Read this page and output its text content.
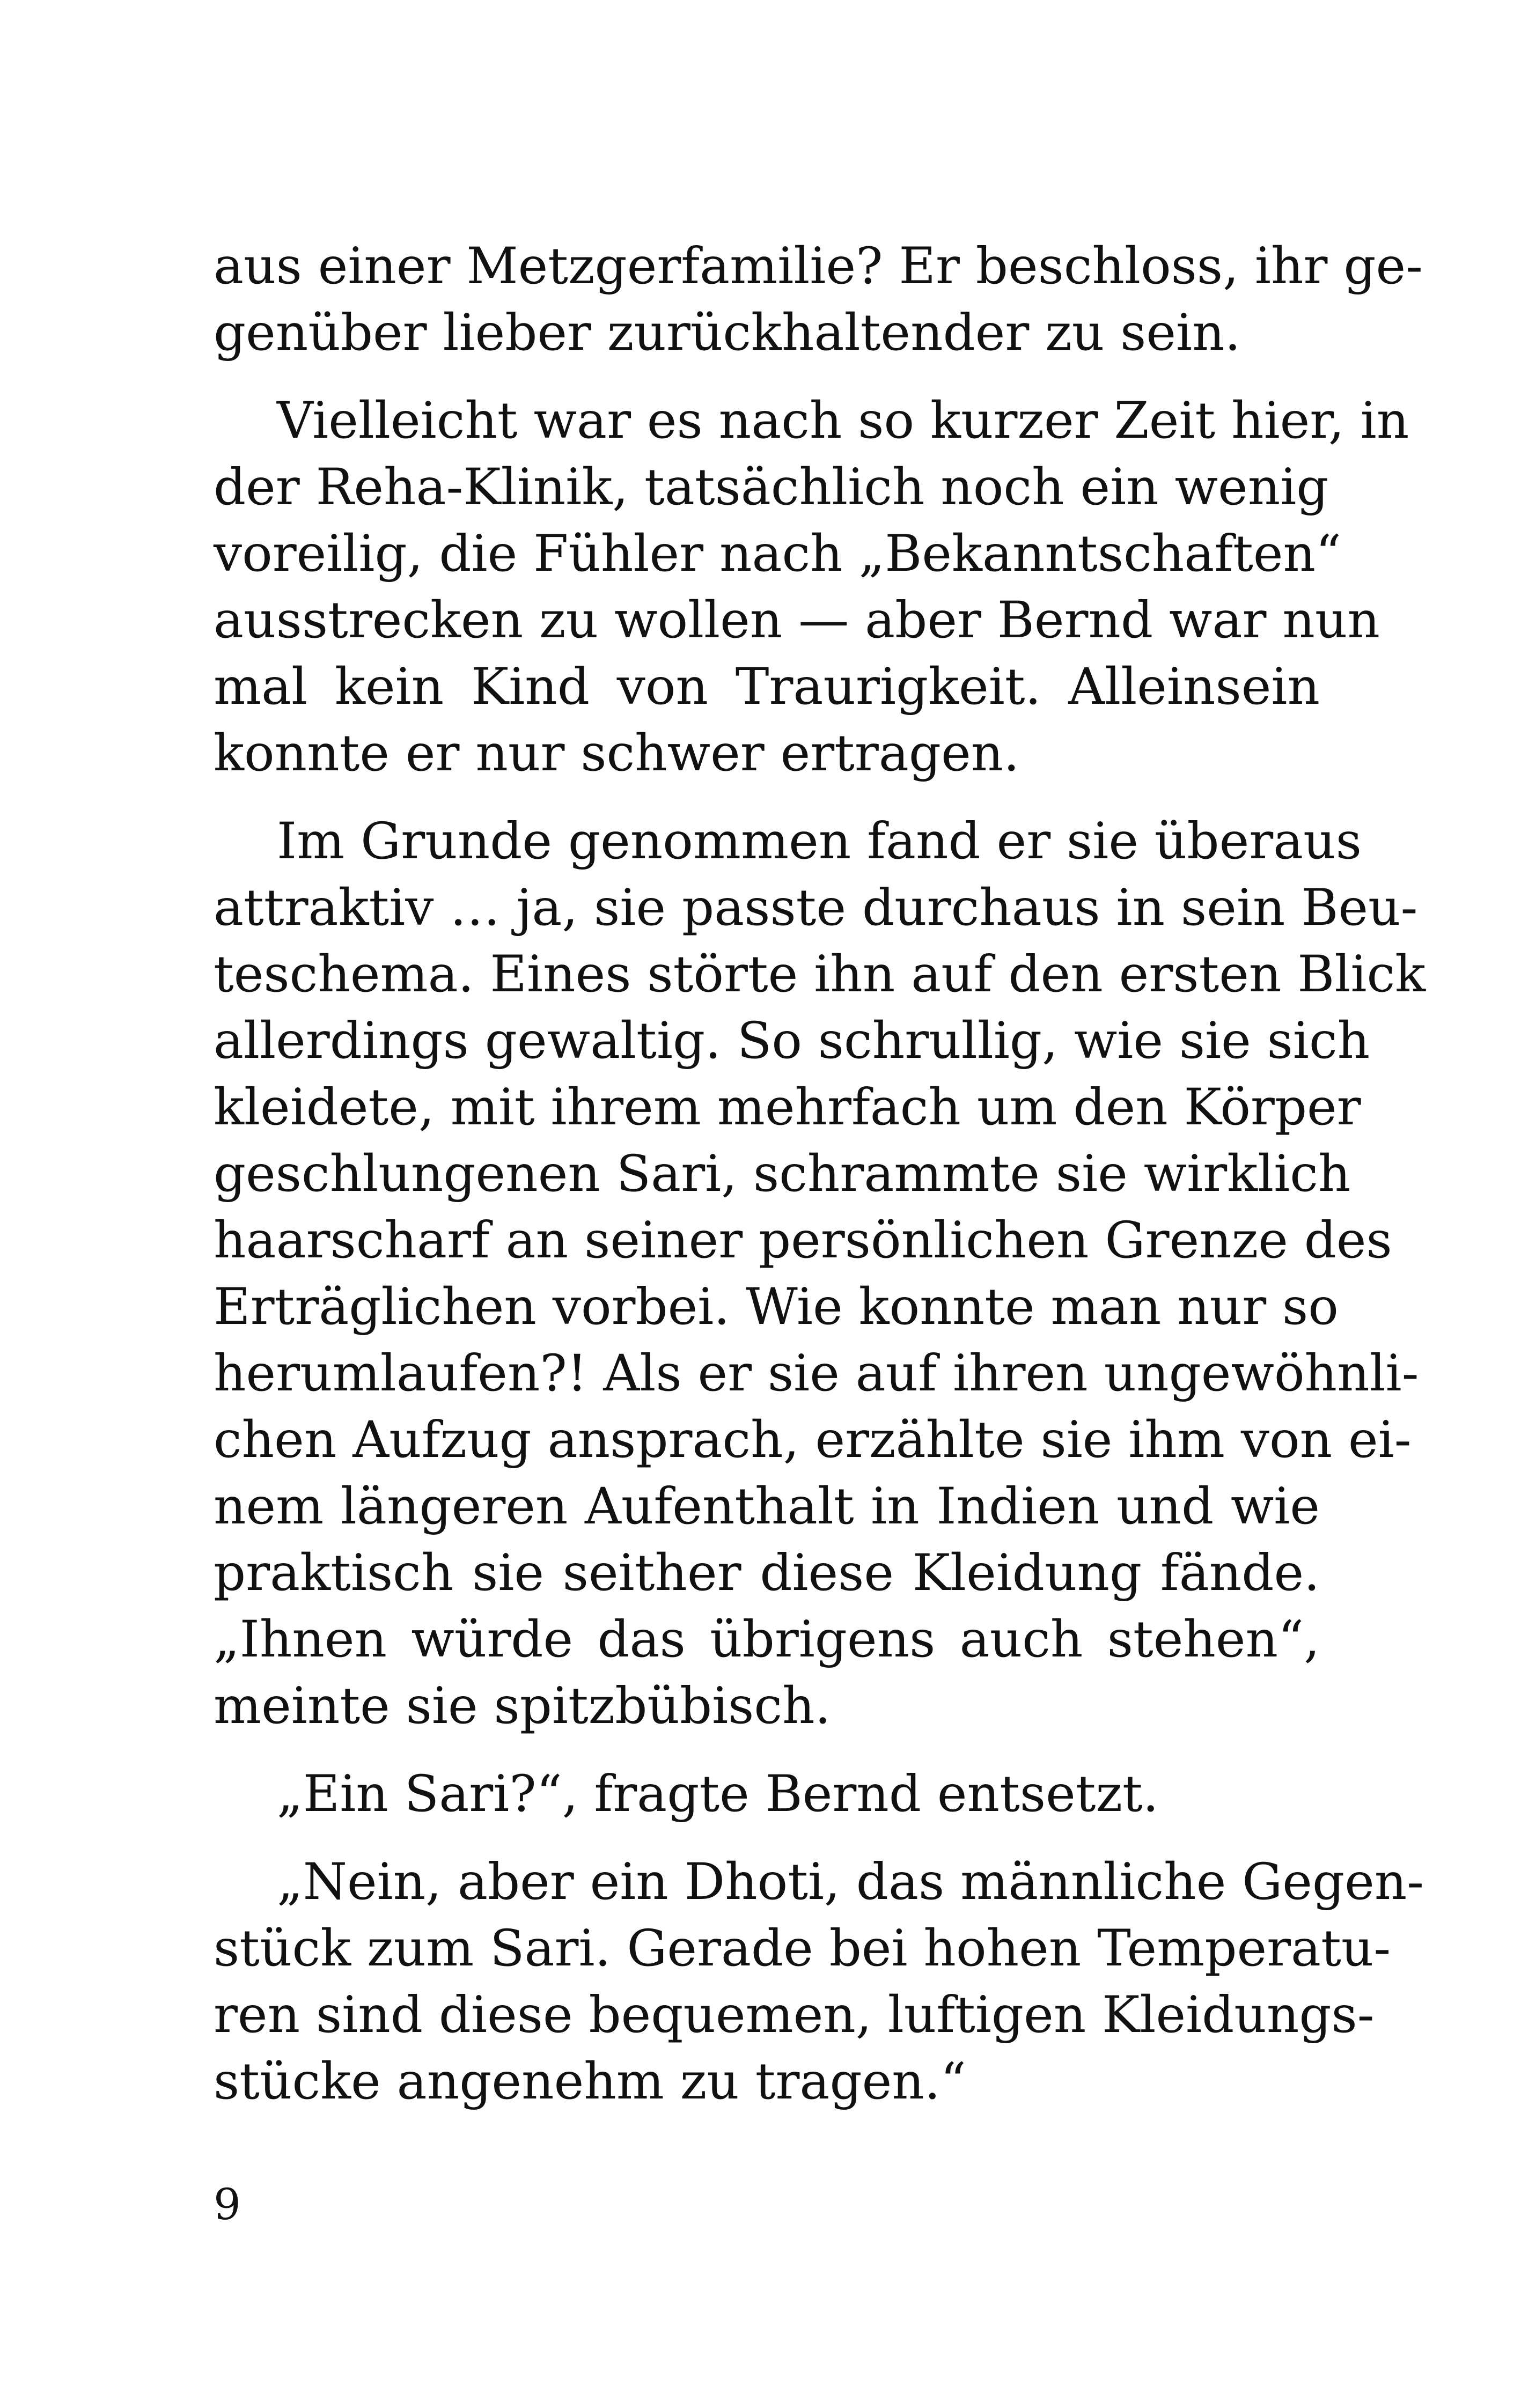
aus einer Metzgerfamilie? Er beschloss, ihr ge-
genüber lieber zurückhaltender zu sein.
Vielleicht war es nach so kurzer Zeit hier, in
der Reha-Klinik, tatsächlich noch ein wenig
voreilig, die Fühler nach „Bekanntschaften“
ausstrecken zu wollen — aber Bernd war nun
mal kein Kind von Traurigkeit. Alleinsein
konnte er nur schwer ertragen.
Im Grunde genommen fand er sie überaus
attraktiv … ja, sie passte durchaus in sein Beu-
teschema. Eines störte ihn auf den ersten Blick
allerdings gewaltig. So schrullig, wie sie sich
kleidete, mit ihrem mehrfach um den Körper
geschlungenen Sari, schrammte sie wirklich
haarscharf an seiner persönlichen Grenze des
Erträglichen vorbei. Wie konnte man nur so
herumlaufen?! Als er sie auf ihren ungewöhnli-
chen Aufzug ansprach, erzählte sie ihm von ei-
nem längeren Aufenthalt in Indien und wie
praktisch sie seither diese Kleidung fände.
„Ihnen würde das übrigens auch stehen“,
meinte sie spitzbübisch.
„Ein Sari?“, fragte Bernd entsetzt.
„Nein, aber ein Dhoti, das männliche Gegen-
stück zum Sari. Gerade bei hohen Temperatu-
ren sind diese bequemen, luftigen Kleidungs-
stücke angenehm zu tragen.“
9
